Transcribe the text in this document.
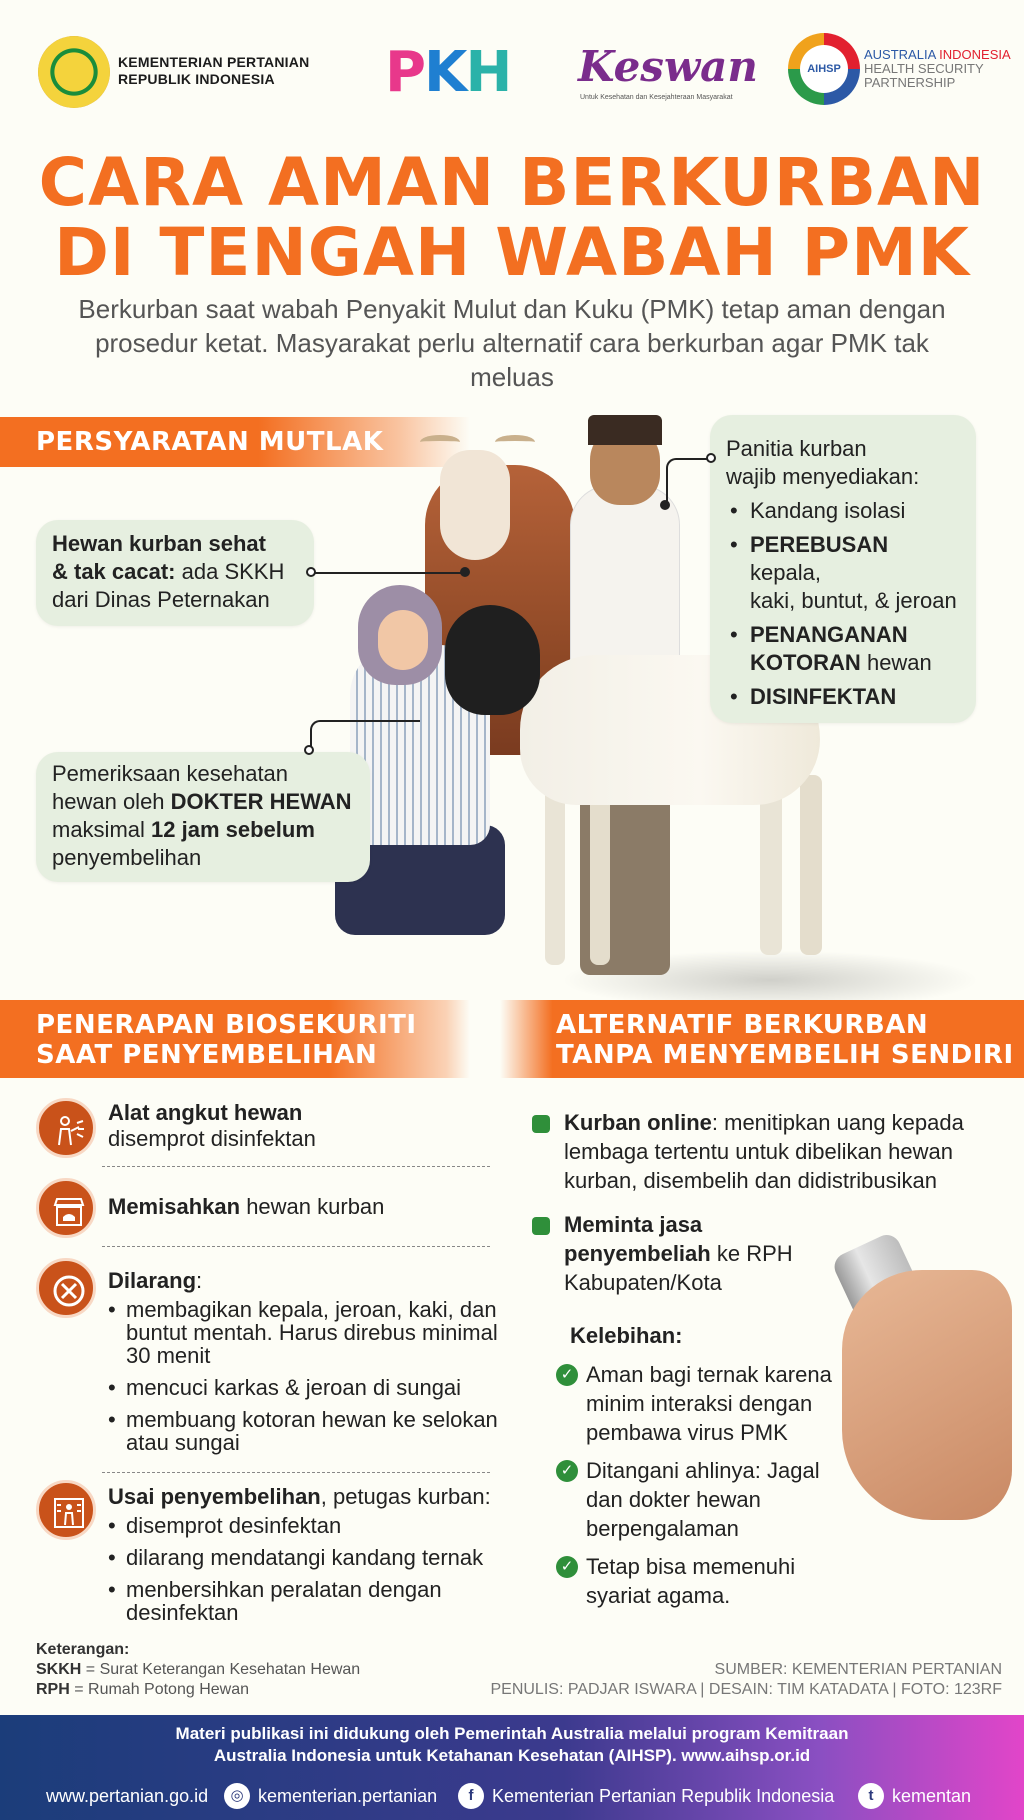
KEMENTERIAN PERTANIAN
REPUBLIK INDONESIA	PKH Keswan
Untuk Kesehatan dan Kesejahteraan Masyarakat
AIHSP
AUSTRALIA INDONESIA
HEALTH SECURITY
PARTNERSHIP
CARA AMAN BERKURBAN
DI TENGAH WABAH PMK
Berkurban saat wabah Penyakit Mulut dan Kuku (PMK) tetap aman dengan prosedur ketat. Masyarakat perlu alternatif cara berkurban agar PMK tak meluas
PERSYARATAN MUTLAK
Hewan kurban sehat
& tak cacat: ada SKKH
dari Dinas Peternakan
Pemeriksaan kesehatan
hewan oleh DOKTER HEWAN
maksimal 12 jam sebelum
penyembelihan
Panitia kurban
wajib menyediakan:
• Kandang isolasi
• PEREBUSAN kepala,
kaki, buntut, & jeroan
• PENANGANAN
KOTORAN hewan
• DISINFEKTAN
PENERAPAN BIOSEKURITI
SAAT PENYEMBELIHAN
ALTERNATIF BERKURBAN
TANPA MENYEMBELIH SENDIRI
Alat angkut hewan
disemprot disinfektan
Memisahkan hewan kurban
Dilarang:
• membagikan kepala, jeroan, kaki, dan buntut mentah. Harus direbus minimal 30 menit
• mencuci karkas & jeroan di sungai
• membuang kotoran hewan ke selokan atau sungai
Usai penyembelihan, petugas kurban:
• disemprot desinfektan
• dilarang mendatangi kandang ternak
• menbersihkan peralatan dengan desinfektan
Kurban online: menitipkan uang kepada lembaga tertentu untuk dibelikan hewan kurban, disembelih dan didistribusikan
Meminta jasa
penyembeliah ke RPH
Kabupaten/Kota
Kelebihan:
✓ Aman bagi ternak karena minim interaksi dengan pembawa virus PMK
✓ Ditangani ahlinya: Jagal dan dokter hewan berpengalaman
✓ Tetap bisa memenuhi syariat agama.
Keterangan:
SKKH = Surat Keterangan Kesehatan Hewan
RPH = Rumah Potong Hewan
SUMBER: KEMENTERIAN PERTANIAN
PENULIS: PADJAR ISWARA | DESAIN: TIM KATADATA | FOTO: 123RF
Materi publikasi ini didukung oleh Pemerintah Australia melalui program Kemitraan
Australia Indonesia untuk Ketahanan Kesehatan (AIHSP). www.aihsp.or.id
www.pertanian.go.id	◎ kementerian.pertanian	f	Kementerian Pertanian Republik Indonesia	t	kementan
